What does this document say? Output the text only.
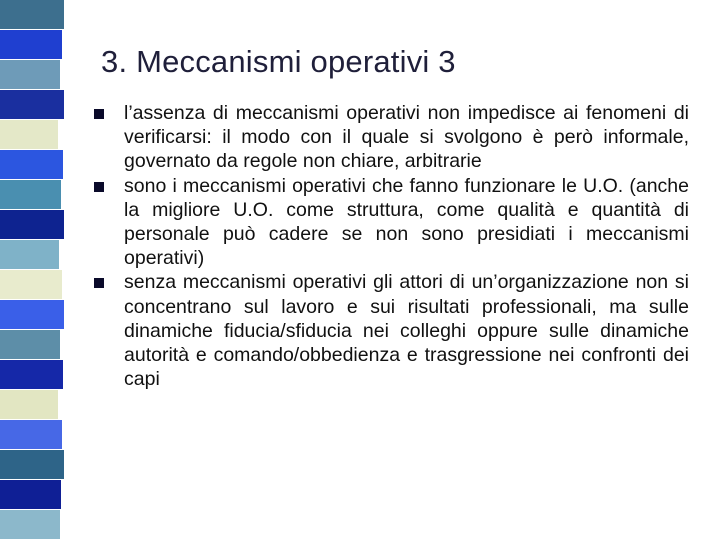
3. Meccanismi operativi 3
l’assenza di meccanismi operativi non impedisce ai fenomeni di verificarsi: il modo con il quale si svolgono è però informale, governato da regole non chiare, arbitrarie
sono i meccanismi operativi che fanno funzionare le U.O. (anche la migliore U.O. come struttura, come qualità e quantità di personale può cadere se non sono presidiati i meccanismi operativi)
senza meccanismi operativi gli attori di un’organizzazione non si concentrano sul lavoro e sui risultati professionali, ma sulle dinamiche fiducia/sfiducia nei colleghi oppure sulle dinamiche autorità e comando/obbedienza e trasgressione nei confronti dei capi
